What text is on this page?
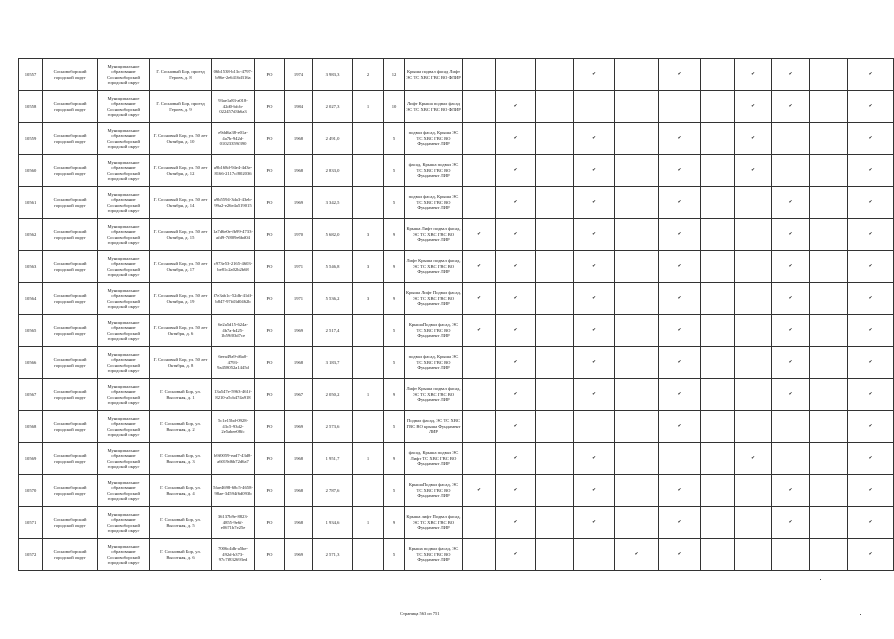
10557	Сосновоборский городской округ	Муниципальное образование Сосновоборский городской округ	Г. Сосновый Бор, проезд Героев, д. 8	06b1538-b13c-4797-b96e-2e6416d316a	РО	1974	3 983,3	2	12	Крыша подвал фасад Лифт ЭС ТС ХВС ГВС ВО ФЛИР				✔		✔		✔	✔		✔
10558	Сосновоборский городской округ	Муниципальное образование Сосновоборский городской округ	Г. Сосновый Бор, проезд Героев, д. 9	93ae1a83-a018-42d0-bfcb-022457d3b6a3	РО	1984	2 027,3	1	10	Лифт Крыша подвал фасад ЭС ТС ХВС ГВС ВО ФЛИР		✔						✔	✔		✔
10559	Сосновоборский городской округ	Муниципальное образование Сосновоборский городской округ	Г. Сосновый Бор, ул. 50 лет Октября, д. 10	e9dd6a38-e01a-4a7b-942d-01023359f390	РО	1968	2 491,0		5	подвал фасад, Крыша ЭС ТС ХВС ГВС ВО Фундамент ЛИР		✔		✔		✔		✔			✔
10560	Сосновоборский городской округ	Муниципальное образование Сосновоборский городской округ	Г. Сосновый Бор, ул. 50 лет Октября, д. 12	a9b168d-94e4-4d3e-8166-2117cf802036	РО	1968	2 833,0		5	фасад, Крыша подвал ЭС ТС ХВС ГВС ВО Фундамент ЛИР		✔		✔		✔		✔			✔
10561	Сосновоборский городской округ	Муниципальное образование Сосновоборский городской округ	Г. Сосновый Бор, ул. 50 лет Октября, д. 14	a9b5594-3da3-43eb-99a2-e26e4a519015	РО	1969	3 342,5		5	подвал фасад, Крыша ЭС ТС ХВС ГВС ВО Фундамент ЛИР		✔		✔		✔			✔		✔
10562	Сосновоборский городской округ	Муниципальное образование Сосновоборский городской округ	Г. Сосновый Бор, ул. 50 лет Октября, д. 15	1a7d6e0e-fb99-4733-afd9-7f809e6bd04	РО	1970	5 682,0	3	9	Крыша Лифт подвал фасад, ЭС ТС ХВС ГВС ВО Фундамент ЛИР	✔	✔		✔		✔			✔		✔
10563	Сосновоборский городской округ	Муниципальное образование Сосновоборский городской округ	Г. Сосновый Бор, ул. 50 лет Октября, д. 17	c973e53-2165-4603-be81c2a02b2b68	РО	1971	5 546,8	3	9	Лифт Крыша подвал фасад, ЭС ТС ХВС ГВС ВО Фундамент ЛИР	✔	✔		✔		✔			✔		✔
10564	Сосновоборский городской округ	Муниципальное образование Сосновоборский городской округ	Г. Сосновый Бор, ул. 50 лет Октября, д. 19	f7e3ab1c-52db-41df-b847-97fd3d0462b	РО	1971	5 536,2	3	9	Крыша Лифт Подвал фасад, ЭС ТС ХВС ГВС ВО Фундамент ЛИР	✔	✔		✔		✔			✔		✔
10565	Сосновоборский городской округ	Муниципальное образование Сосновоборский городской округ	Г. Сосновый Бор, ул. 50 лет Октября, д. 6	6e2a5d15-624a-4b7a-b425-1b59f03d7ce	РО	1969	2 517,4		5	КрышаПодвал фасад, ЭС ТС ХВС ГВС ВО Фундамент ЛИР	✔	✔		✔		✔			✔		✔
10566	Сосновоборский городской округ	Муниципальное образование Сосновоборский городской округ	Г. Сосновый Бор, ул. 50 лет Октября, д. 8	6eea49a9-d6a0-4793-9a458052a1445d	РО	1968	3 183,7		5	подвал фасад, Крыша ЭС ТС ХВС ГВС ВО Фундамент ЛИР		✔		✔		✔			✔		✔
10567	Сосновоборский городской округ	Муниципальное образование Сосновоборский городской округ	Г. Сосновый Бор, ул. Высотная, д. 1	13a547e-5963-461f-8210-a5cb474a918	РО	1967	2 050,2	1	9	Лифт Крыша подвал фасад, ЭС ТС ХВС ГВС ВО Фундамент ЛИР		✔		✔		✔			✔		✔
10568	Сосновоборский городской округ	Муниципальное образование Сосновоборский городской округ	Г. Сосновый Бор, ул. Высотная, д. 2	5c1e15bd-0928-43c5-93d2-2e5abee08fc	РО	1969	2 573,6		5	Подвал фасад, ЭС ТС ХВС ГВС ВО крыша Фундамент ЛИР		✔				✔					✔
10569	Сосновоборский городской округ	Муниципальное образование Сосновоборский городской округ	Г. Сосновый Бор, ул. Высотная, д. 3	b9f0059-ead7-43d8-a6019d6b72d6a7	РО	1968	1 951,7	1	9	фасад, Крыша подвал ЭС Лифт ТС ХВС ГВС ВО Фундамент ЛИР		✔		✔				✔			✔
10570	Сосновоборский городской округ	Муниципальное образование Сосновоборский городской округ	Г. Сосновый Бор, ул. Высотная, д. 4	5fae4698-68c5-4658-98ae-34594f6d093b	РО	1968	2 787,6		5	КрышаПодвал фасад, ЭС ТС ХВС ГВС ВО Фундамент ЛИР	✔	✔		✔		✔			✔		✔
10571	Сосновоборский городской округ	Муниципальное образование Сосновоборский городской округ	Г. Сосновый Бор, ул. Высотная, д. 5	36137b9e-8823-4855-9e6f-e0671b7e25e	РО	1968	1 934,6	1	9	Крыша лифт Подвал фасад, ЭС ТС ХВС ГВС ВО Фундамент ЛИР		✔		✔		✔			✔		✔
10572	Сосновоборский городской округ	Муниципальное образование Сосновоборский городской округ	Г. Сосновый Бор, ул. Высотная, д. 6	7006c4db-a5be-492d-b373-97c7f832693ed	РО	1969	2 571,3		5	Крыша подвал фасад, ЭС ТС ХВС ГВС ВО Фундамент ЛИР		✔			✔	✔					✔
Страница 563 из 751
